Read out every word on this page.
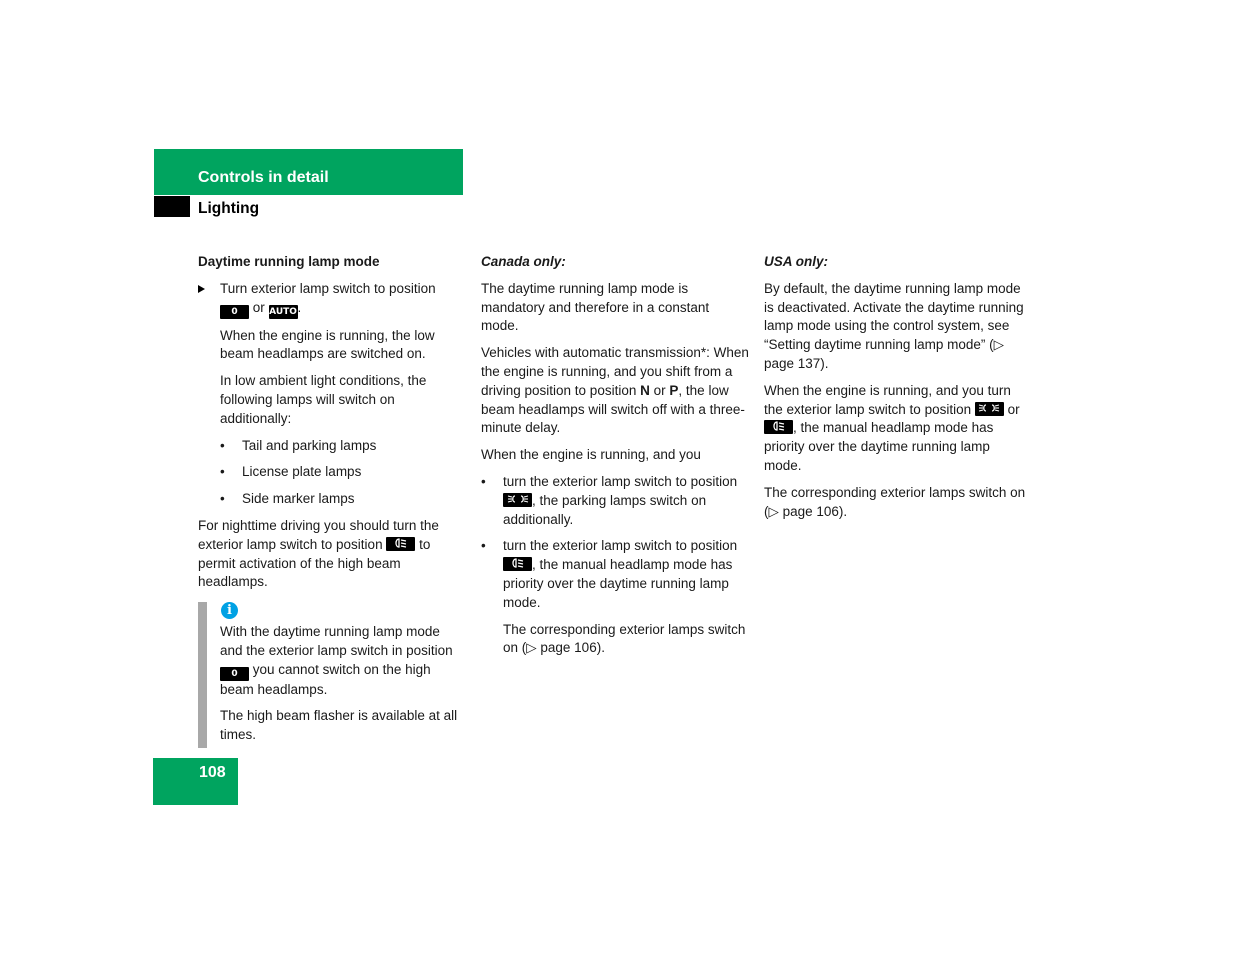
Controls in detail
Lighting
Daytime running lamp mode
Turn exterior lamp switch to position 0 or AUTO.

When the engine is running, the low beam headlamps are switched on.

In low ambient light conditions, the following lamps will switch on additionally:

• Tail and parking lamps
• License plate lamps
• Side marker lamps

For nighttime driving you should turn the exterior lamp switch to position	to permit activation of the high beam headlamps.

i

With the daytime running lamp mode and the exterior lamp switch in position 0 you cannot switch on the high beam headlamps.

The high beam flasher is available at all times.

Canada only:

The daytime running lamp mode is mandatory and therefore in a constant mode.

Vehicles with automatic transmission*: When the engine is running, and you shift from a driving position to position N or P, the low beam headlamps will switch off with a three-minute delay.

When the engine is running, and you

• turn the exterior lamp switch to position
, the parking lamps switch on additionally.
• turn the exterior lamp switch to position
, the manual headlamp mode has priority over the daytime running lamp mode.

The corresponding exterior lamps switch on (▷ page 106).

USA only:

By default, the daytime running lamp mode is deactivated. Activate the daytime running lamp mode using the control system, see “Setting daytime running lamp mode” (▷ page 137).

When the engine is running, and you turn the exterior lamp switch to position	or
, the manual headlamp mode has priority over the daytime running lamp mode.

The corresponding exterior lamps switch on (▷ page 106).

108
